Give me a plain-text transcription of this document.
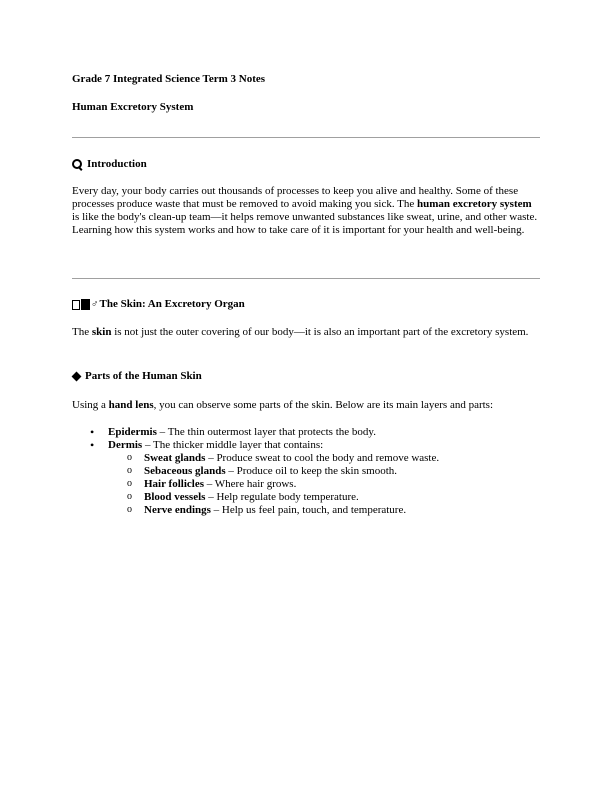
Grade 7 Integrated Science Term 3 Notes

Human Excretory System

Introduction

Every day, your body carries out thousands of processes to keep you alive and healthy. Some of these processes produce waste that must be removed to avoid making you sick. The human excretory system is like the body's clean-up team—it helps remove unwanted substances like sweat, urine, and other waste. Learning how this system works and how to take care of it is important for your health and well-being.

♂ The Skin: An Excretory Organ

The skin is not just the outer covering of our body—it is also an important part of the excretory system.

Parts of the Human Skin

Using a hand lens, you can observe some parts of the skin. Below are its main layers and parts:

• Epidermis – The thin outermost layer that protects the body.
• Dermis – The thicker middle layer that contains:
o Sweat glands – Produce sweat to cool the body and remove waste.
o Sebaceous glands – Produce oil to keep the skin smooth.
o Hair follicles – Where hair grows.
o Blood vessels – Help regulate body temperature.
o Nerve endings – Help us feel pain, touch, and temperature.
